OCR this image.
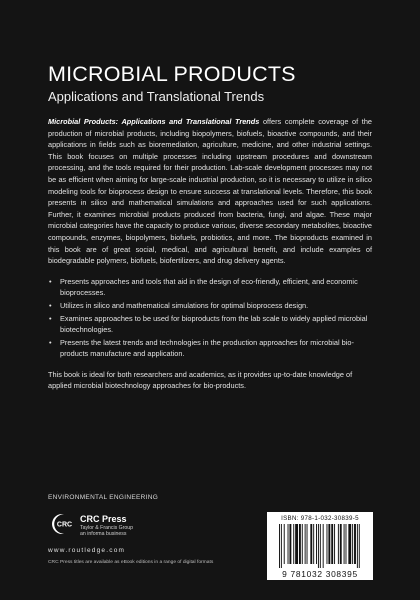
MICROBIAL PRODUCTS
Applications and Translational Trends

Microbial Products: Applications and Translational Trends offers complete coverage of the production of microbial products, including biopolymers, biofuels, bioactive compounds, and their applications in fields such as bioremediation, agriculture, medicine, and other industrial settings. This book focuses on multiple processes including upstream procedures and downstream processing, and the tools required for their production. Lab-scale development processes may not be as efficient when aiming for large-scale industrial production, so it is necessary to utilize in silico modeling tools for bioprocess design to ensure success at translational levels. Therefore, this book presents in silico and mathematical simulations and approaches used for such applications. Further, it examines microbial products produced from bacteria, fungi, and algae. These major microbial categories have the capacity to produce various, diverse secondary metabolites, bioactive compounds, enzymes, biopolymers, biofuels, probiotics, and more. The bioproducts examined in this book are of great social, medical, and agricultural benefit, and include examples of biodegradable polymers, biofuels, biofertilizers, and drug delivery agents.

• Presents approaches and tools that aid in the design of eco-friendly, efficient, and economic bioprocesses.
• Utilizes in silico and mathematical simulations for optimal bioprocess design.
• Examines approaches to be used for bioproducts from the lab scale to widely applied microbial biotechnologies.
• Presents the latest trends and technologies in the production approaches for microbial bio-products manufacture and application.

This book is ideal for both researchers and academics, as it provides up-to-date knowledge of applied microbial biotechnology approaches for bio-products.

ENVIRONMENTAL ENGINEERING
CRC
CRC Press
Taylor & Francis Group
an informa business
www.routledge.com
CRC Press titles are available as eBook editions in a range of digital formats
ISBN: 978-1-032-30839-5
9 781032 308395
